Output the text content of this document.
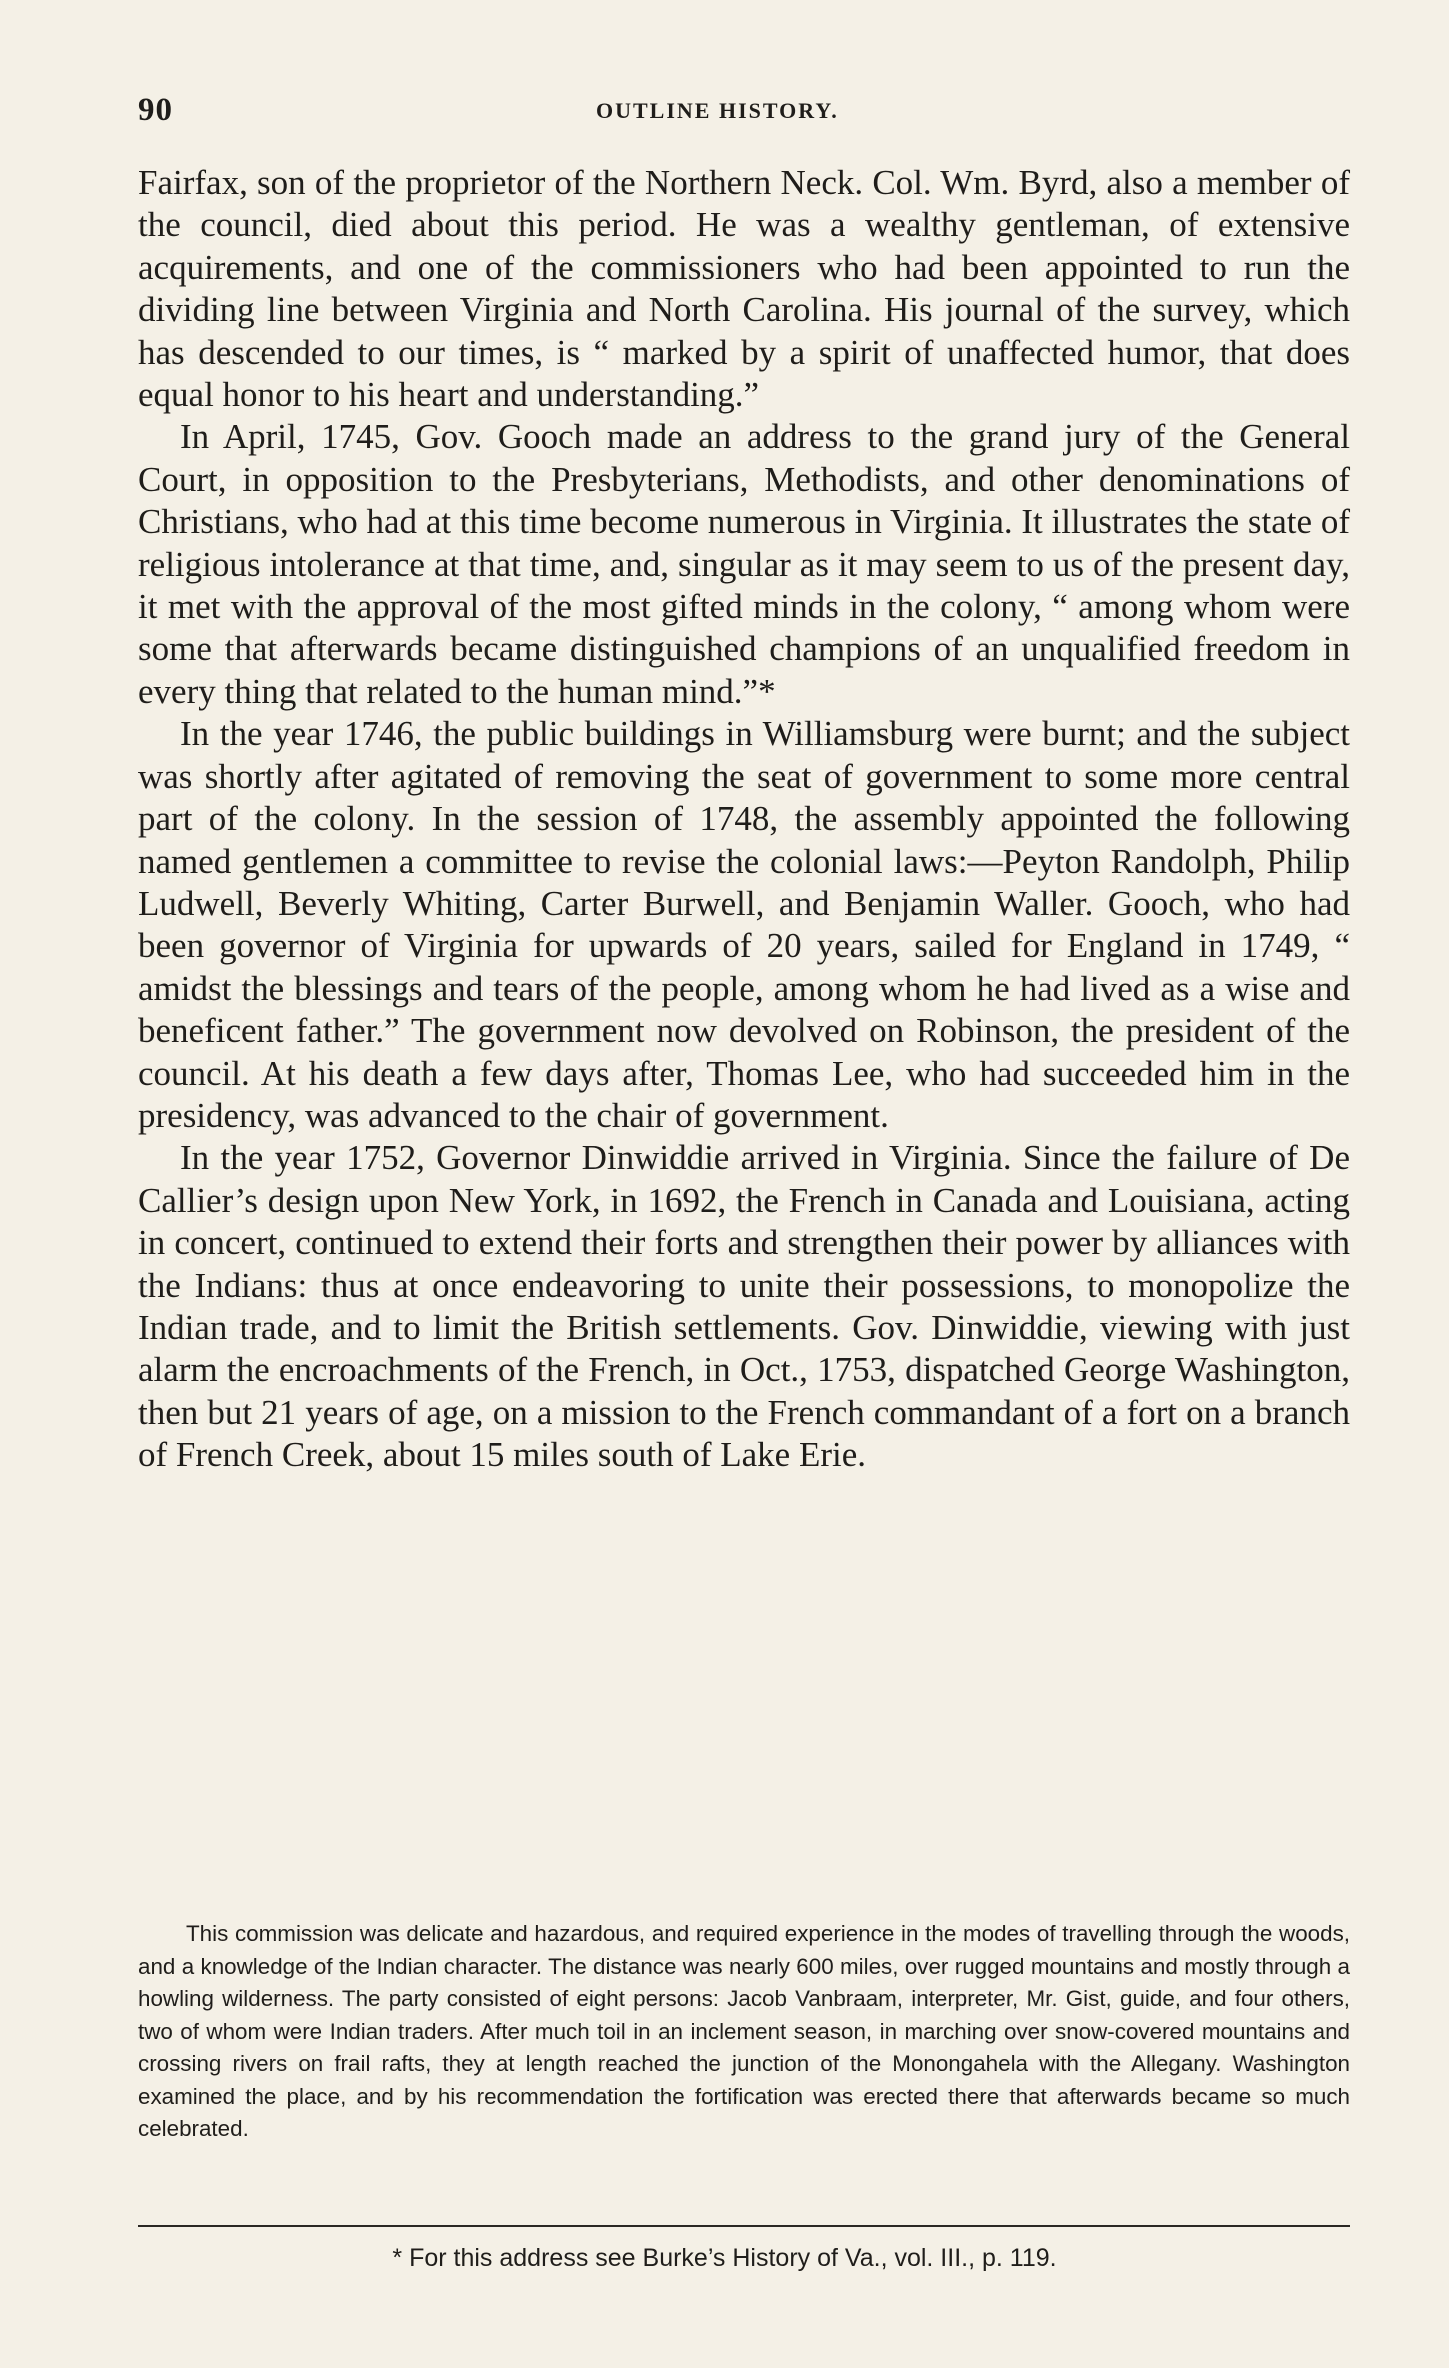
90	OUTLINE HISTORY.

Fairfax, son of the proprietor of the Northern Neck. Col. Wm. Byrd, also a member of the council, died about this period. He was a wealthy gentleman, of extensive acquirements, and one of the commissioners who had been appointed to run the dividing line between Virginia and North Carolina. His journal of the survey, which has descended to our times, is “ marked by a spirit of unaffected humor, that does equal honor to his heart and understanding.”

In April, 1745, Gov. Gooch made an address to the grand jury of the General Court, in opposition to the Presbyterians, Methodists, and other denominations of Christians, who had at this time become numerous in Virginia. It illustrates the state of religious intolerance at that time, and, singular as it may seem to us of the present day, it met with the approval of the most gifted minds in the colony, “ among whom were some that afterwards became distinguished champions of an unqualified freedom in every thing that related to the human mind.”*

In the year 1746, the public buildings in Williamsburg were burnt; and the subject was shortly after agitated of removing the seat of government to some more central part of the colony. In the session of 1748, the assembly appointed the following named gentlemen a committee to revise the colonial laws:—Peyton Randolph, Philip Ludwell, Beverly Whiting, Carter Burwell, and Benjamin Waller. Gooch, who had been governor of Virginia for upwards of 20 years, sailed for England in 1749, “ amidst the blessings and tears of the people, among whom he had lived as a wise and beneficent father.” The government now devolved on Robinson, the president of the council. At his death a few days after, Thomas Lee, who had succeeded him in the presidency, was advanced to the chair of government.

In the year 1752, Governor Dinwiddie arrived in Virginia. Since the failure of De Callier’s design upon New York, in 1692, the French in Canada and Louisiana, acting in concert, continued to extend their forts and strengthen their power by alliances with the Indians: thus at once endeavoring to unite their possessions, to monopolize the Indian trade, and to limit the British settlements. Gov. Dinwiddie, viewing with just alarm the encroachments of the French, in Oct., 1753, dispatched George Washington, then but 21 years of age, on a mission to the French commandant of a fort on a branch of French Creek, about 15 miles south of Lake Erie.

This commission was delicate and hazardous, and required experience in the modes of travelling through the woods, and a knowledge of the Indian character. The distance was nearly 600 miles, over rugged mountains and mostly through a howling wilderness. The party consisted of eight persons: Jacob Vanbraam, interpreter, Mr. Gist, guide, and four others, two of whom were Indian traders. After much toil in an inclement season, in marching over snow-covered mountains and crossing rivers on frail rafts, they at length reached the junction of the Monongahela with the Allegany. Washington examined the place, and by his recommendation the fortification was erected there that afterwards became so much celebrated.

* For this address see Burke’s History of Va., vol. III., p. 119.
